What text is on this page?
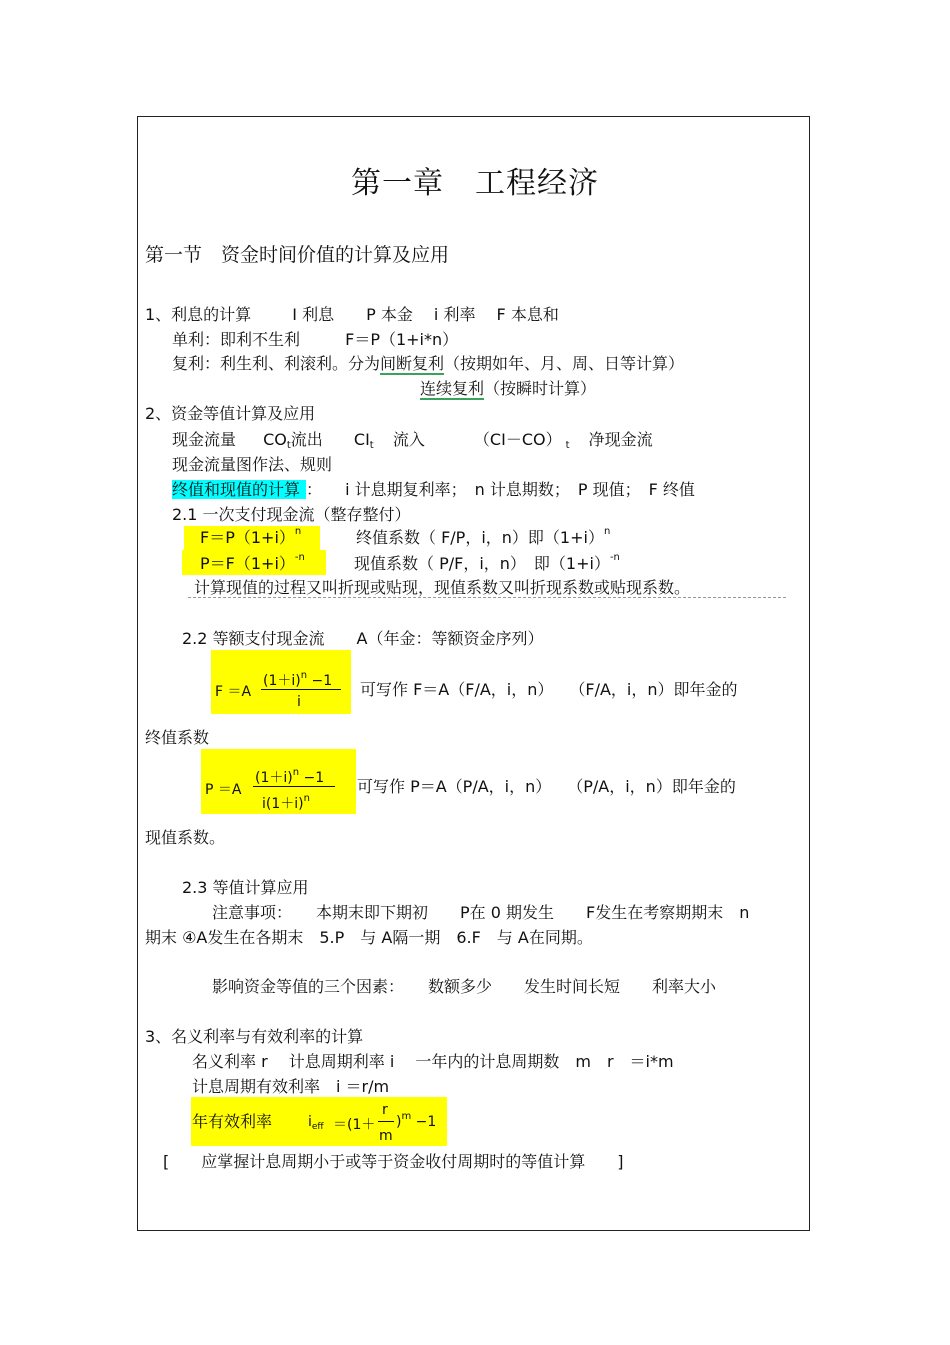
第一章　工程经济
第一节　资金时间价值的计算及应用
1、利息的计算	I 利息　　P 本金　 i 利率　 F 本息和
单利：即利不生利	F＝P（1+i*n）
复利：利生利、利滚利。分为间断复利（按期如年、月、周、日等计算）
连续复利（按瞬时计算）
2、资金等值计算及应用
现金流量 COt流出 CIt 流入	（CI－CO） t 净现金流
现金流量图作法、规则
终值和现值的计算 ： i 计息期复利率；　n 计息期数；　P 现值；　F 终值
2.1 一次支付现金流（整存整付）
$F=P(1+i)^n$	终值系数（ F/P，i，n）即$(1+i)^n$
$P=F(1+i)^{-n}$	现值系数（ P/F，i，n）　即$(1+i)^{-n}$
计算现值的过程又叫折现或贴现，现值系数又叫折现系数或贴现系数。
2.2 等额支付现金流　　A（年金：等额资金序列）
F ＝A
$(1+i)^n -1$
i
可写作 F＝A（F/A，i，n）　　（F/A，i，n）即年金的
终值系数
P ＝A
$(1+i)^n -1$
$i(1+i)^n$
可写作 P＝A（P/A，i，n）　　（P/A，i，n）即年金的
现值系数。
2.3 等值计算应用
注意事项：　　本期末即下期初　　P在 0 期发生　　F发生在考察期期末　n
期末 ④A发生在各期末　5.P　与 A隔一期　6.F　与 A在同期。
影响资金等值的三个因素：　　数额多少　　发生时间长短　　利率大小
3、名义利率与有效利率的计算
名义利率 r　 计息周期利率 i　 一年内的计息周期数　m　r　＝i*m
计息周期有效利率　i ＝r/m
年有效利率	$i_{eff} =(1+$
r
m
)$^m$ −1
[　　应掌握计息周期小于或等于资金收付周期时的等值计算　　]
